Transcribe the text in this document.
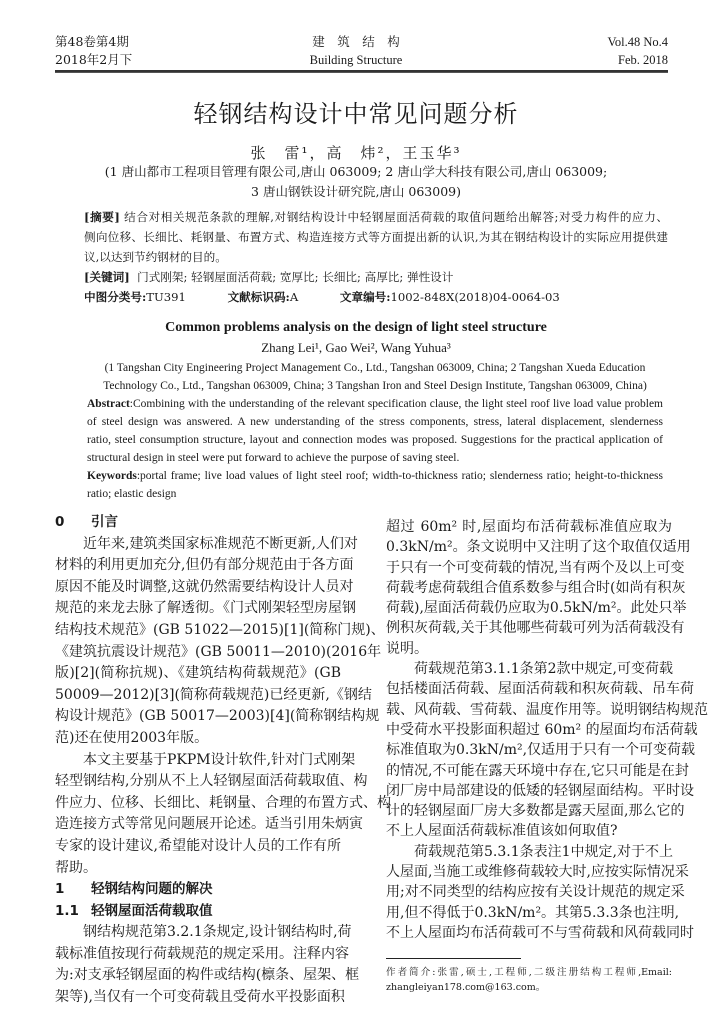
第48卷第4期
2018年2月下
建　筑　结　构
Building Structure
Vol.48 No.4
Feb. 2018
轻钢结构设计中常见问题分析
张　雷¹，高　炜²，王玉华³
(1 唐山都市工程项目管理有限公司,唐山 063009; 2 唐山学大科技有限公司,唐山 063009;
3 唐山钢铁设计研究院,唐山 063009)
[摘要] 结合对相关规范条款的理解,对钢结构设计中轻钢屋面活荷载的取值问题给出解答;对受力构件的应力、
侧向位移、长细比、耗钢量、布置方式、构造连接方式等方面提出新的认识,为其在钢结构设计的实际应用提供建
议,以达到节约钢材的目的。
[关键词] 门式刚架; 轻钢屋面活荷载; 宽厚比; 长细比; 高厚比; 弹性设计
中图分类号:TU391	文献标识码:A	文章编号:1002-848X(2018)04-0064-03
Common problems analysis on the design of light steel structure
Zhang Lei¹, Gao Wei², Wang Yuhua³
(1 Tangshan City Engineering Project Management Co., Ltd., Tangshan 063009, China; 2 Tangshan Xueda Education
Technology Co., Ltd., Tangshan 063009, China; 3 Tangshan Iron and Steel Design Institute, Tangshan 063009, China)
Abstract:Combining with the understanding of the relevant specification clause, the light steel roof live load value problem
of steel design was answered. A new understanding of the stress components, stress, lateral displacement, slenderness
ratio, steel consumption structure, layout and connection modes was proposed. Suggestions for the practical application of
structural design in steel were put forward to achieve the purpose of saving steel.
Keywords:portal frame; live load values of light steel roof; width-to-thickness ratio; slenderness ratio; height-to-thickness
ratio; elastic design
0 引言
近年来,建筑类国家标准规范不断更新,人们对
材料的利用更加充分,但仍有部分规范由于各方面
原因不能及时调整,这就仍然需要结构设计人员对
规范的来龙去脉了解透彻。《门式刚架轻型房屋钢
结构技术规范》(GB 51022—2015)[1](简称门规)、
《建筑抗震设计规范》(GB 50011—2010)(2016年
版)[2](简称抗规)、《建筑结构荷载规范》(GB
50009—2012)[3](简称荷载规范)已经更新,《钢结
构设计规范》(GB 50017—2003)[4](简称钢结构规
范)还在使用2003年版。
本文主要基于PKPM设计软件,针对门式刚架
轻型钢结构,分别从不上人轻钢屋面活荷载取值、构
件应力、位移、长细比、耗钢量、合理的布置方式、构
造连接方式等常见问题展开论述。适当引用朱炳寅
专家的设计建议,希望能对设计人员的工作有所
帮助。
1 轻钢结构问题的解决
1.1 轻钢屋面活荷载取值
钢结构规范第3.2.1条规定,设计钢结构时,荷
载标准值按现行荷载规范的规定采用。注释内容
为:对支承轻钢屋面的构件或结构(檩条、屋架、框
架等),当仅有一个可变荷载且受荷水平投影面积
超过 60m² 时,屋面均布活荷载标准值应取为
0.3kN/m²。条文说明中又注明了这个取值仅适用
于只有一个可变荷载的情况,当有两个及以上可变
荷载考虑荷载组合值系数参与组合时(如尚有积灰
荷载),屋面活荷载仍应取为0.5kN/m²。此处只举
例积灰荷载,关于其他哪些荷载可列为活荷载没有
说明。
荷载规范第3.1.1条第2款中规定,可变荷载
包括楼面活荷载、屋面活荷载和积灰荷载、吊车荷
载、风荷载、雪荷载、温度作用等。说明钢结构规范
中受荷水平投影面积超过 60m² 的屋面均布活荷载
标准值取为0.3kN/m²,仅适用于只有一个可变荷载
的情况,不可能在露天环境中存在,它只可能是在封
闭厂房中局部建设的低矮的轻钢屋面结构。平时设
计的轻钢屋面厂房大多数都是露天屋面,那么它的
不上人屋面活荷载标准值该如何取值?
荷载规范第5.3.1条表注1中规定,对于不上
人屋面,当施工或维修荷载较大时,应按实际情况采
用;对不同类型的结构应按有关设计规范的规定采
用,但不得低于0.3kN/m²。其第5.3.3条也注明,
不上人屋面均布活荷载可不与雪荷载和风荷载同时
作者简介:张雷,硕士,工程师,二级注册结构工程师,Email:
zhangleiyan178.com@163.com。
